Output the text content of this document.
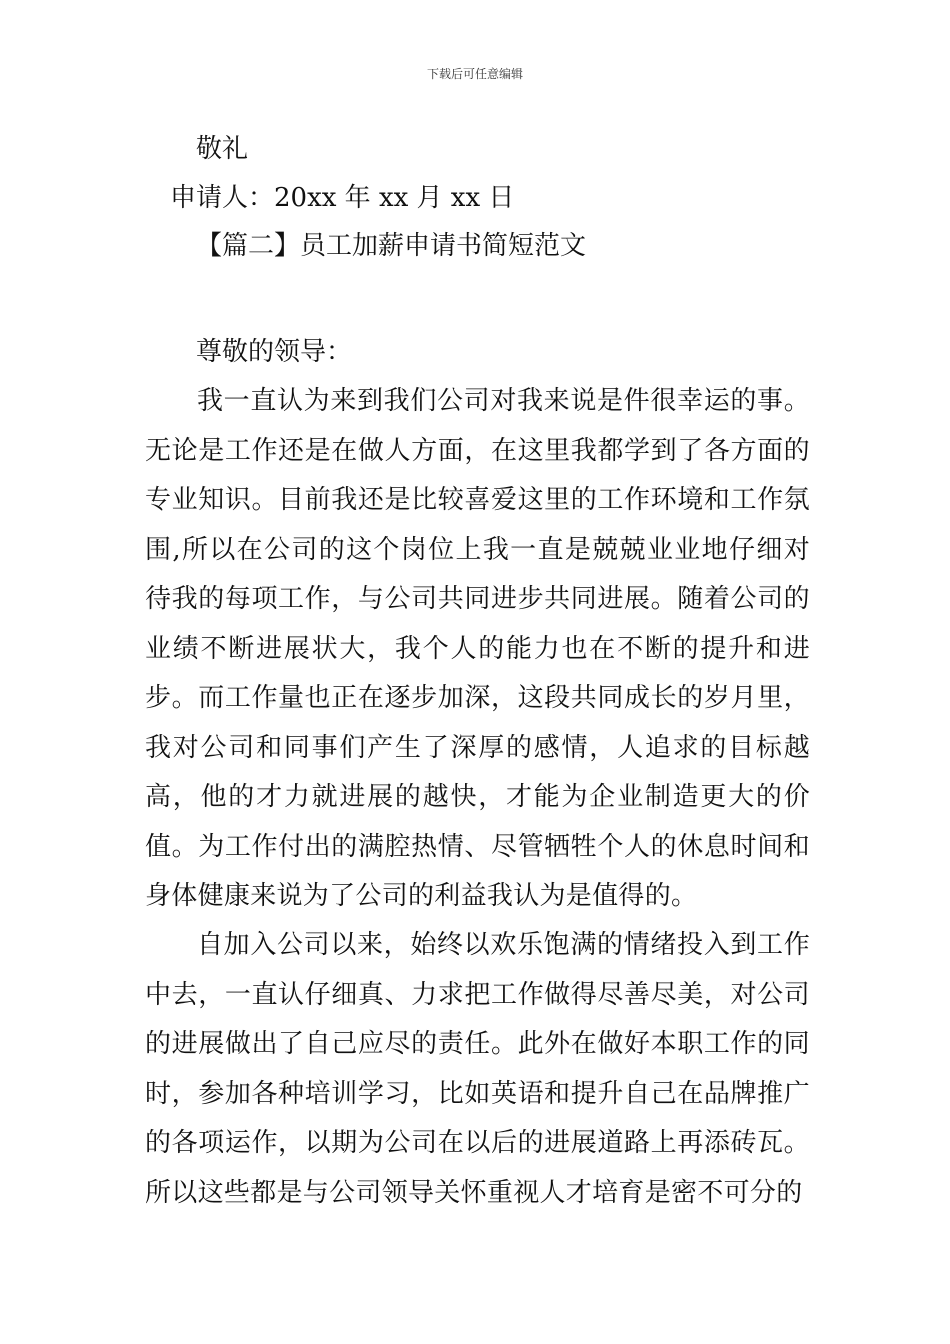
下载后可任意编辑
敬礼
申请人：20xx 年 xx 月 xx 日
【篇二】员工加薪申请书简短范文
尊敬的领导：
我一直认为来到我们公司对我来说是件很幸运的事。无论是工作还是在做人方面，在这里我都学到了各方面的专业知识。目前我还是比较喜爱这里的工作环境和工作氛围,所以在公司的这个岗位上我一直是兢兢业业地仔细对待我的每项工作，与公司共同进步共同进展。随着公司的业绩不断进展状大，我个人的能力也在不断的提升和进步。而工作量也正在逐步加深，这段共同成长的岁月里，我对公司和同事们产生了深厚的感情，人追求的目标越高，他的才力就进展的越快，才能为企业制造更大的价值。为工作付出的满腔热情、尽管牺牲个人的休息时间和身体健康来说为了公司的利益我认为是值得的。
自加入公司以来，始终以欢乐饱满的情绪投入到工作中去，一直认仔细真、力求把工作做得尽善尽美，对公司的进展做出了自己应尽的责任。此外在做好本职工作的同时，参加各种培训学习，比如英语和提升自己在品牌推广的各项运作，以期为公司在以后的进展道路上再添砖瓦。所以这些都是与公司领导关怀重视人才培育是密不可分的
